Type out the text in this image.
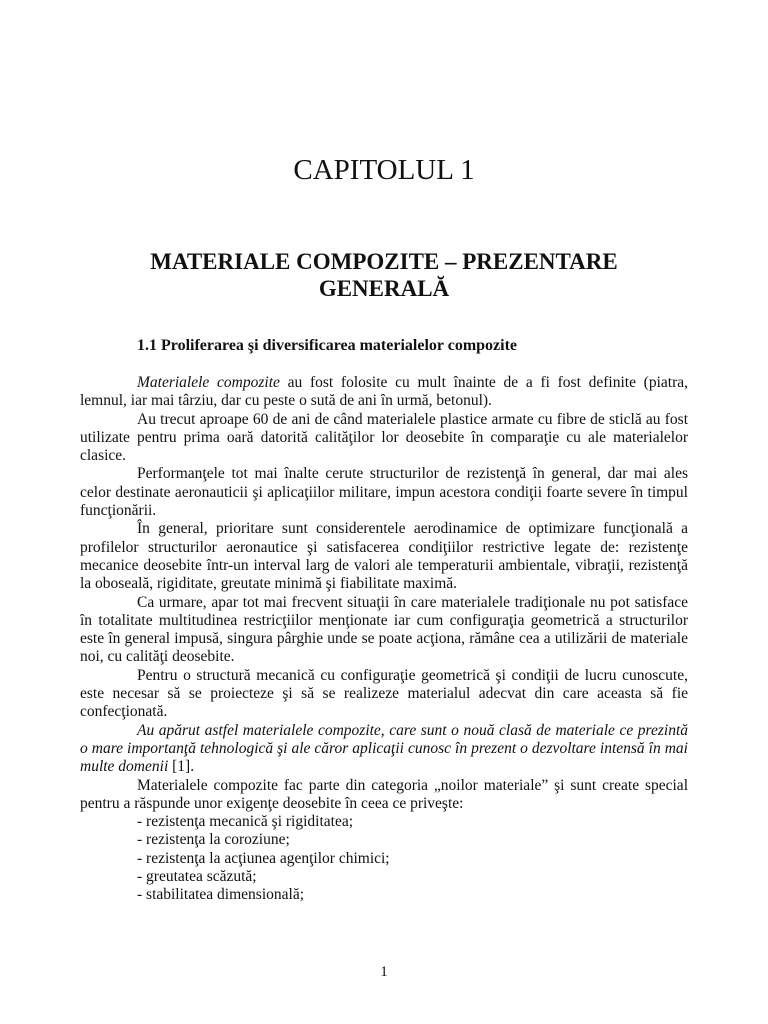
CAPITOLUL 1
MATERIALE COMPOZITE – PREZENTARE GENERALĂ
1.1 Proliferarea şi diversificarea materialelor compozite

Materialele compozite au fost folosite cu mult înainte de a fi fost definite (piatra, lemnul, iar mai târziu, dar cu peste o sută de ani în urmă, betonul).

Au trecut aproape 60 de ani de când materialele plastice armate cu fibre de sticlă au fost utilizate pentru prima oară datorită calităţilor lor deosebite în comparaţie cu ale materialelor clasice.

Performanţele tot mai înalte cerute structurilor de rezistenţă în general, dar mai ales celor destinate aeronauticii şi aplicaţiilor militare, impun acestora condiţii foarte severe în timpul funcţionării.

În general, prioritare sunt considerentele aerodinamice de optimizare funcţională a profilelor structurilor aeronautice şi satisfacerea condiţiilor restrictive legate de: rezistenţe mecanice deosebite într-un interval larg de valori ale temperaturii ambientale, vibraţii, rezistenţă la oboseală, rigiditate, greutate minimă şi fiabilitate maximă.

Ca urmare, apar tot mai frecvent situaţii în care materialele tradiţionale nu pot satisface în totalitate multitudinea restricţiilor menţionate iar cum configuraţia geometrică a structurilor este în general impusă, singura pârghie unde se poate acţiona, rămâne cea a utilizării de materiale noi, cu calităţi deosebite.

Pentru o structură mecanică cu configuraţie geometrică şi condiţii de lucru cunoscute, este necesar să se proiecteze şi să se realizeze materialul adecvat din care aceasta să fie confecţionată.

Au apărut astfel materialele compozite, care sunt o nouă clasă de materiale ce prezintă o mare importanţă tehnologică şi ale căror aplicaţii cunosc în prezent o dezvoltare intensă în mai multe domenii [1].

Materialele compozite fac parte din categoria „noilor materiale” şi sunt create special pentru a răspunde unor exigenţe deosebite în ceea ce priveşte:

- rezistenţa mecanică şi rigiditatea;
- rezistenţa la coroziune;
- rezistenţa la acţiunea agenţilor chimici;
- greutatea scăzută;
- stabilitatea dimensională;
1
